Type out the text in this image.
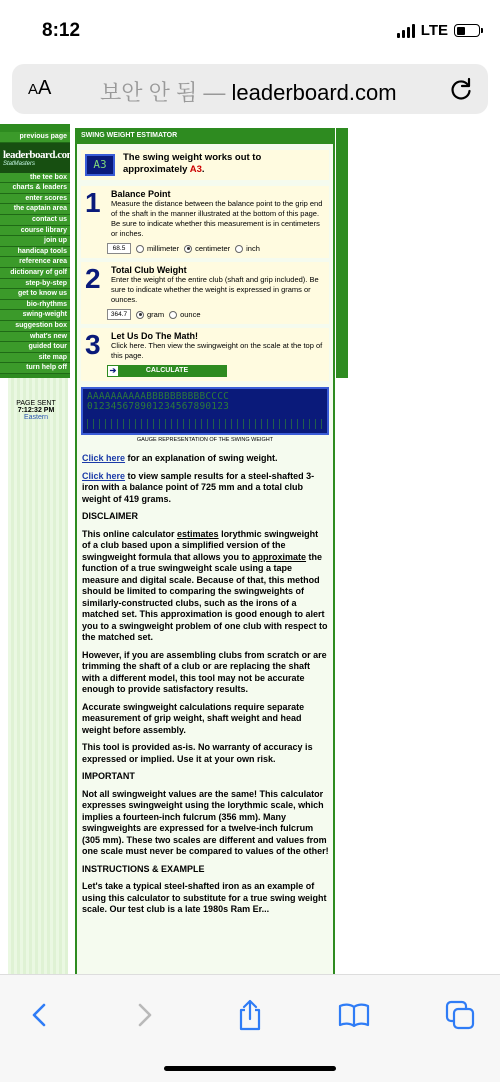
8:12	LTE
AA 보안 안 됨 — leaderboard.com
previous page
leaderboard.com
StatMasters
the tee box
charts & leaders
enter scores
the captain area
contact us
course library
join up
handicap tools
reference area
dictionary of golf
step-by-step
get to know us
bio-rhythms
swing-weight
suggestion box
what's new
guided tour
site map
turn help off
PAGE SENT
7:12:32 PM
Eastern
SWING WEIGHT ESTIMATOR
A3
The swing weight works out to approximately A3.
1 Balance Point
Measure the distance between the balance point to the grip end of the shaft in the manner illustrated at the bottom of this page. Be sure to indicate whether this measurement is in centimeters or inches.
68.5	millimeter centimeter inch
2 Total Club Weight
Enter the weight of the entire club (shaft and grip included). Be sure to indicate whether the weight is expressed in grams or ounces.
364.7	gram ounce
3 Let Us Do The Math!
Click here. Then view the swingweight on the scale at the top of this page.
➔	CALCULATE
AAAAAAAAAABBBBBBBBBBCCCC
012345678901234567890123
GAUGE REPRESENTATION OF THE SWING WEIGHT

Click here for an explanation of swing weight.

Click here to view sample results for a steel-shafted 3-iron with a balance point of 725 mm and a total club weight of 419 grams.

DISCLAIMER

This online calculator estimates lorythmic swingweight of a club based upon a simplified version of the swingweight formula that allows you to approximate the function of a true swingweight scale using a tape measure and digital scale. Because of that, this method should be limited to comparing the swingweights of similarly-constructed clubs, such as the irons of a matched set. This approximation is good enough to alert you to a swingweight problem of one club with respect to the matched set.

However, if you are assembling clubs from scratch or are trimming the shaft of a club or are replacing the shaft with a different model, this tool may not be accurate enough to provide satisfactory results.

Accurate swingweight calculations require separate measurement of grip weight, shaft weight and head weight before assembly.

This tool is provided as-is. No warranty of accuracy is expressed or implied. Use it at your own risk.

IMPORTANT

Not all swingweight values are the same! This calculator expresses swingweight using the lorythmic scale, which implies a fourteen-inch fulcrum (356 mm). Many swingweights are expressed for a twelve-inch fulcrum (305 mm). These two scales are different and values from one scale must never be compared to values of the other!

INSTRUCTIONS & EXAMPLE

Let's take a typical steel-shafted iron as an example of using this calculator to substitute for a true swing weight scale. Our test club is a late 1980s Ram Er...
